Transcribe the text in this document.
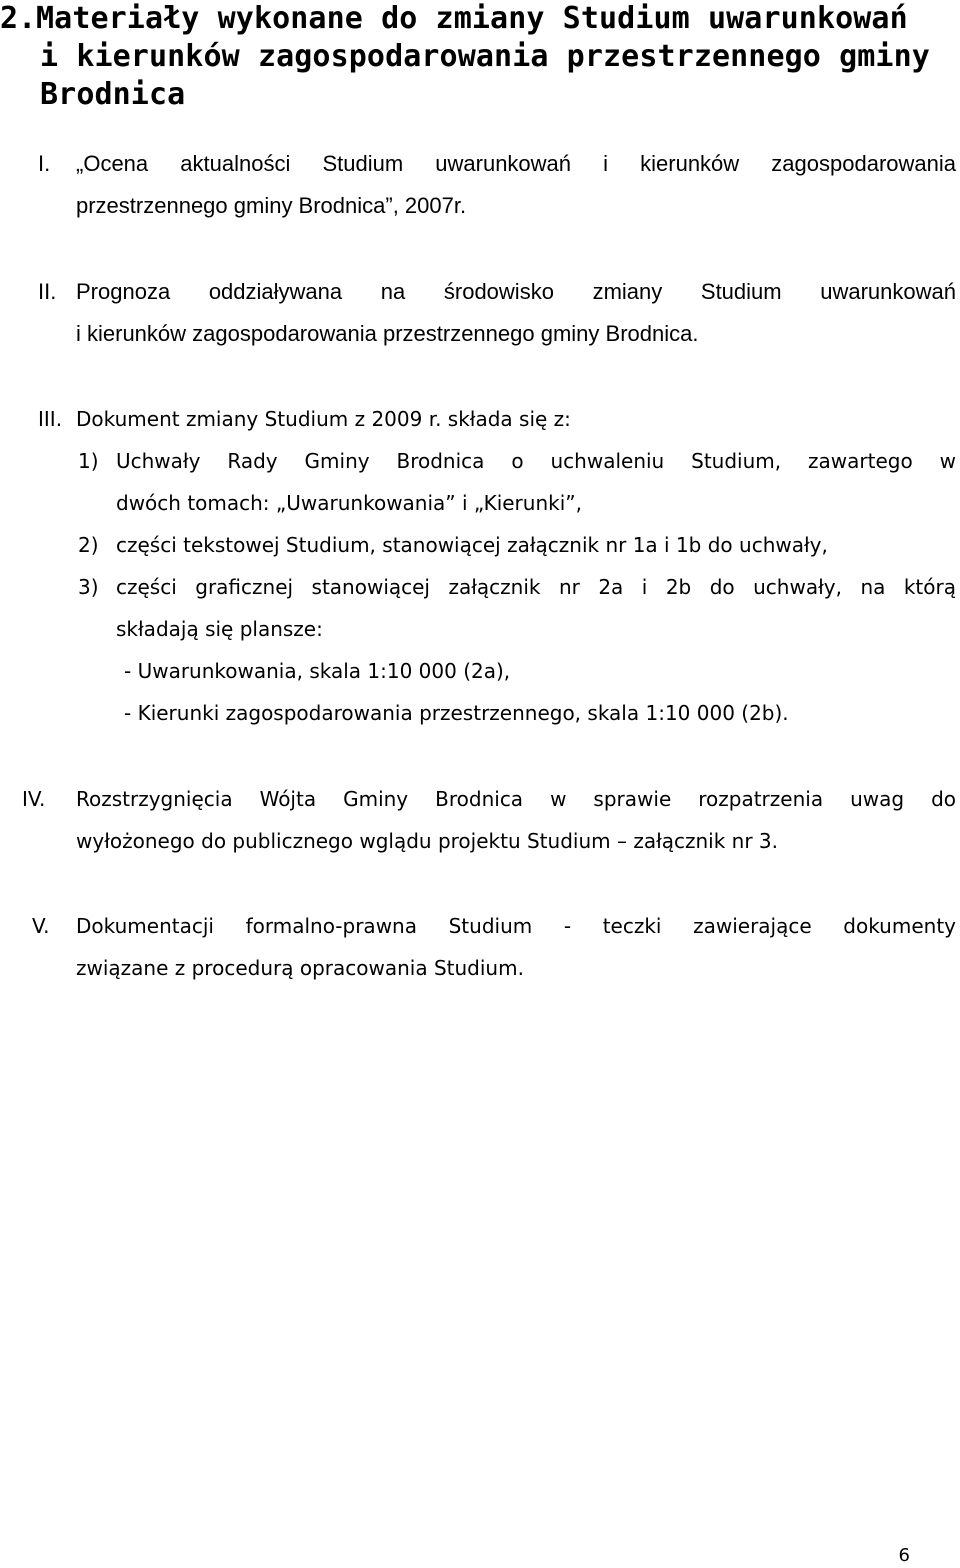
2.Materiały wykonane do zmiany Studium uwarunkowań
i kierunków zagospodarowania przestrzennego gminy
Brodnica
I. „Ocena aktualności Studium uwarunkowań i kierunków zagospodarowania
przestrzennego gminy Brodnica”, 2007r.
II. Prognoza oddziaływana na środowisko zmiany Studium uwarunkowań
i kierunków zagospodarowania przestrzennego gminy Brodnica.
III. Dokument zmiany Studium z 2009 r. składa się z:
1) Uchwały Rady Gminy Brodnica o uchwaleniu Studium, zawartego w
dwóch tomach: „Uwarunkowania” i „Kierunki”,
2) części tekstowej Studium, stanowiącej załącznik nr 1a i 1b do uchwały,
3) części graficznej stanowiącej załącznik nr 2a i 2b do uchwały, na którą
składają się plansze:
- Uwarunkowania, skala 1:10 000 (2a),
- Kierunki zagospodarowania przestrzennego, skala 1:10 000 (2b).
IV. Rozstrzygnięcia Wójta Gminy Brodnica w sprawie rozpatrzenia uwag do
wyłożonego do publicznego wglądu projektu Studium – załącznik nr 3.
V. Dokumentacji formalno-prawna Studium - teczki zawierające dokumenty
związane z procedurą opracowania Studium.
6
